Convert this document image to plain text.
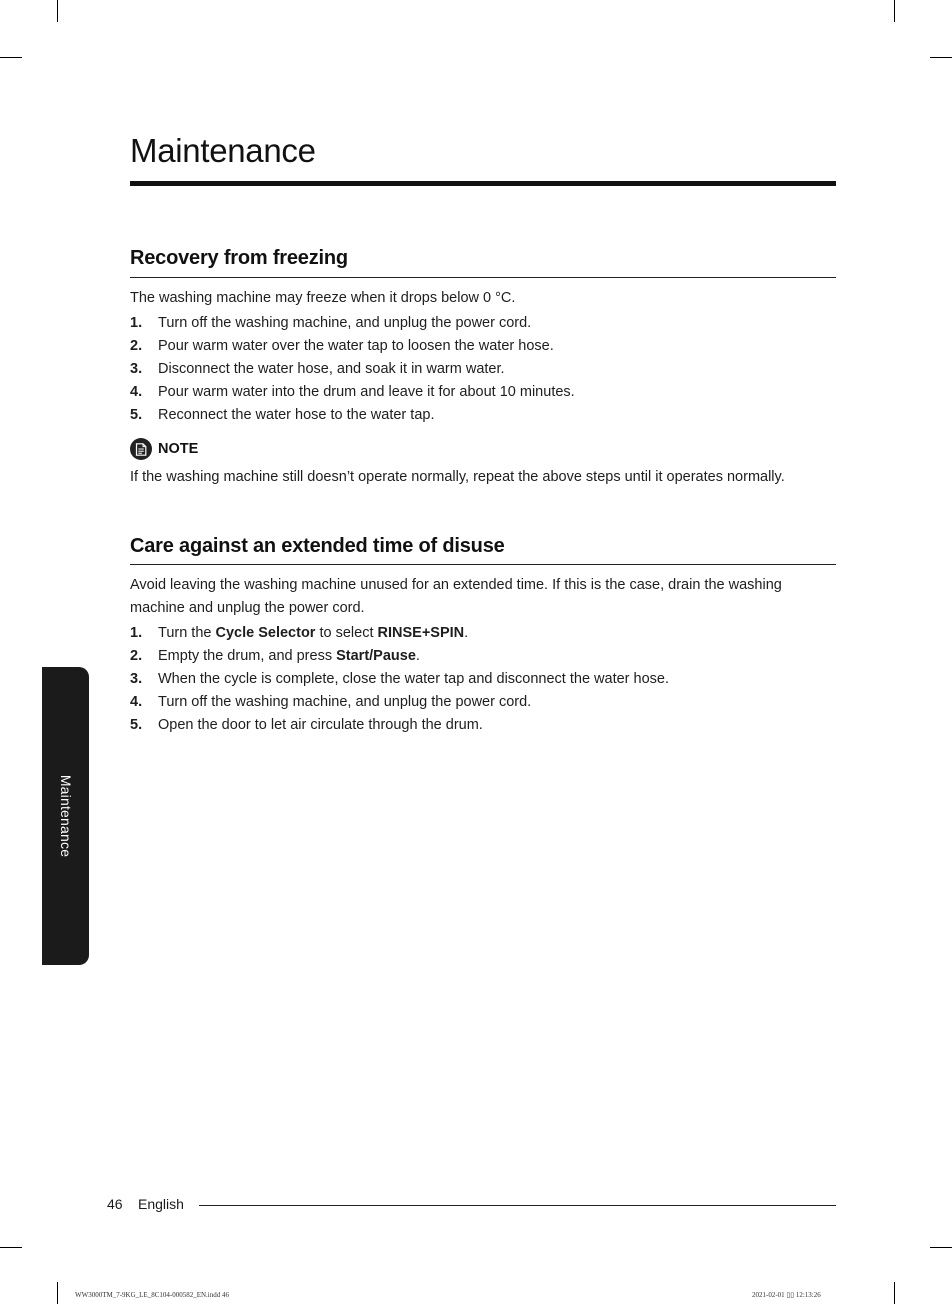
Maintenance
Recovery from freezing
The washing machine may freeze when it drops below 0 °C.
1. Turn off the washing machine, and unplug the power cord.
2. Pour warm water over the water tap to loosen the water hose.
3. Disconnect the water hose, and soak it in warm water.
4. Pour warm water into the drum and leave it for about 10 minutes.
5. Reconnect the water hose to the water tap.
NOTE
If the washing machine still doesn’t operate normally, repeat the above steps until it operates normally.
Care against an extended time of disuse
Avoid leaving the washing machine unused for an extended time. If this is the case, drain the washing machine and unplug the power cord.
1. Turn the Cycle Selector to select RINSE+SPIN.
2. Empty the drum, and press Start/Pause.
3. When the cycle is complete, close the water tap and disconnect the water hose.
4. Turn off the washing machine, and unplug the power cord.
5. Open the door to let air circulate through the drum.
Maintenance
46 English
WW3000TM_7-9KG_LE_8C104-000582_EN.indd 46	2021-02-01 ▯▯ 12:13:26
